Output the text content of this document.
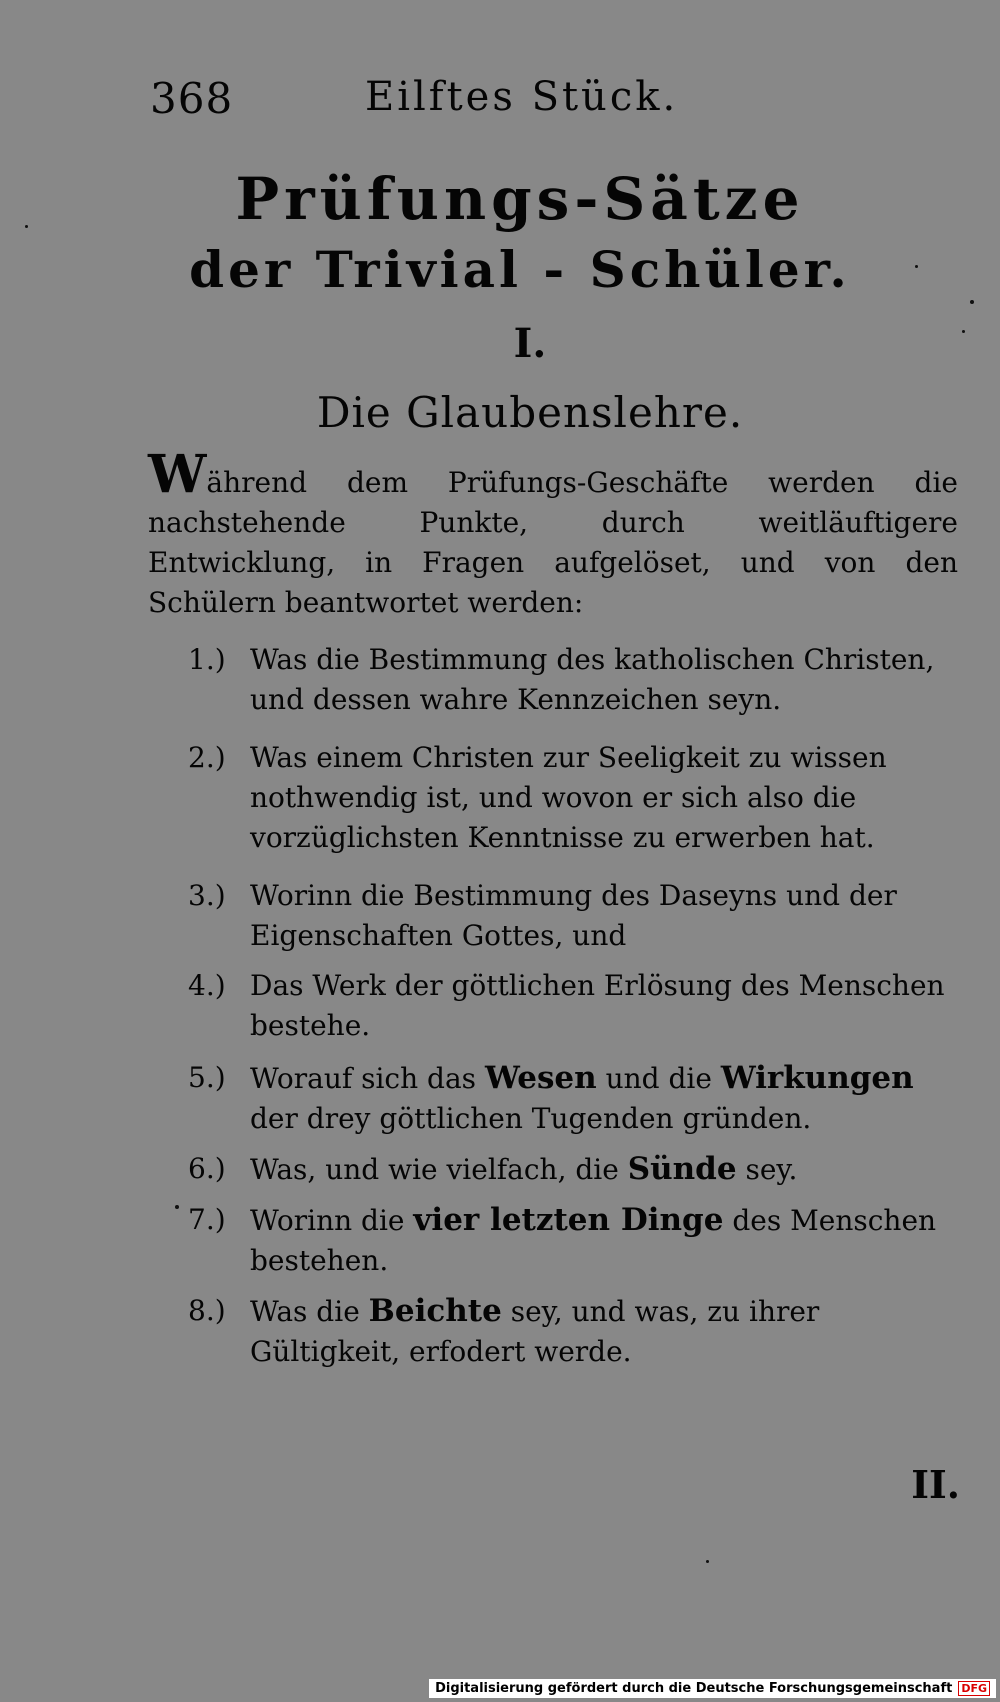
368	Eilftes Stück.
Prüfungs-Sätze
der Trivial - Schüler.
I.
Die Glaubenslehre.

Während dem Prüfungs-Geschäfte werden die nachstehende Punkte, durch weitläuftigere Entwicklung, in Fragen aufgelöset, und von den Schülern beantwortet werden:

1.) Was die Bestimmung des katholischen Christen, und dessen wahre Kennzeichen seyn.
2.) Was einem Christen zur Seeligkeit zu wissen nothwendig ist, und wovon er sich also die vorzüglichsten Kenntnisse zu erwerben hat.
3.) Worinn die Bestimmung des Daseyns und der Eigenschaften Gottes, und
4.) Das Werk der göttlichen Erlösung des Menschen bestehe.
5.) Worauf sich das Wesen und die Wirkungen der drey göttlichen Tugenden gründen.
6.) Was, und wie vielfach, die Sünde sey.
7.) Worinn die vier letzten Dinge des Menschen bestehen.
8.) Was die Beichte sey, und was, zu ihrer Gültigkeit, erfodert werde.
II.
Digitalisierung gefördert durch die Deutsche Forschungsgemeinschaft DFG
